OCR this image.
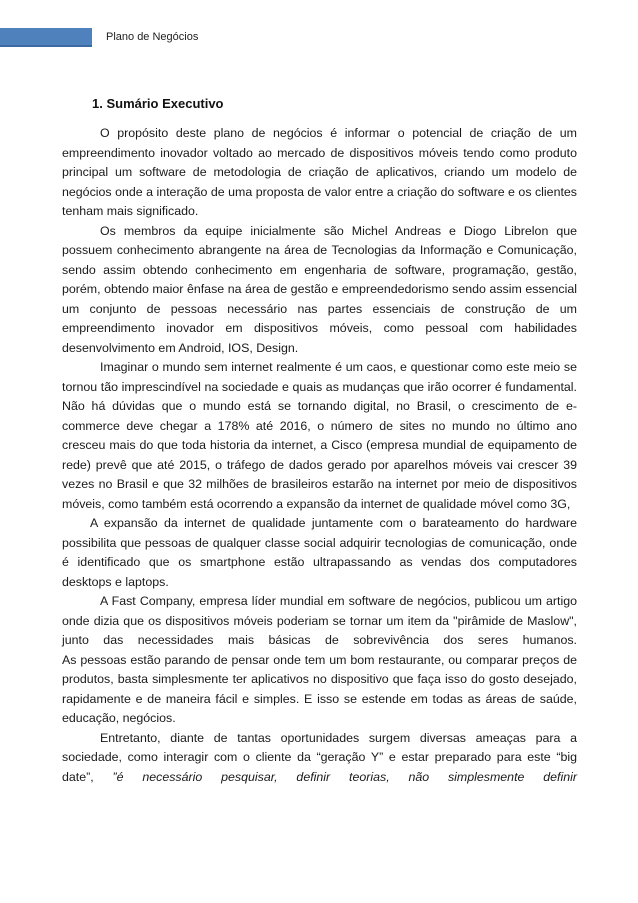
Plano de Negócios
1. Sumário Executivo

O propósito deste plano de negócios é informar o potencial de criação de um empreendimento inovador voltado ao mercado de dispositivos móveis tendo como produto principal um software de metodologia de criação de aplicativos, criando um modelo de negócios onde a interação de uma proposta de valor entre a criação do software e os clientes tenham mais significado.

Os membros da equipe inicialmente são Michel Andreas e Diogo Librelon que possuem conhecimento abrangente na área de Tecnologias da Informação e Comunicação, sendo assim obtendo conhecimento em engenharia de software, programação, gestão, porém, obtendo maior ênfase na área de gestão e empreendedorismo sendo assim essencial um conjunto de pessoas necessário nas partes essenciais de construção de um empreendimento inovador em dispositivos móveis, como pessoal com habilidades desenvolvimento em Android, IOS, Design.

Imaginar o mundo sem internet realmente é um caos, e questionar como este meio se tornou tão imprescindível na sociedade e quais as mudanças que irão ocorrer é fundamental.

Não há dúvidas que o mundo está se tornando digital, no Brasil, o crescimento de e-commerce deve chegar a 178% até 2016, o número de sites no mundo no último ano cresceu mais do que toda historia da internet, a Cisco (empresa mundial de equipamento de rede) prevê que até 2015, o tráfego de dados gerado por aparelhos móveis vai crescer 39 vezes no Brasil e que 32 milhões de brasileiros estarão na internet por meio de dispositivos móveis, como também está ocorrendo a expansão da internet de qualidade móvel como 3G,

A expansão da internet de qualidade juntamente com o barateamento do hardware possibilita que pessoas de qualquer classe social adquirir tecnologias de comunicação, onde é identificado que os smartphone estão ultrapassando as vendas dos computadores desktops e laptops.

A Fast Company, empresa líder mundial em software de negócios, publicou um artigo onde dizia que os dispositivos móveis poderiam se tornar um item da "pirâmide de Maslow", junto das necessidades mais básicas de sobrevivência dos seres humanos.

As pessoas estão parando de pensar onde tem um bom restaurante, ou comparar preços de produtos, basta simplesmente ter aplicativos no dispositivo que faça isso do gosto desejado, rapidamente e de maneira fácil e simples. E isso se estende em todas as áreas de saúde, educação, negócios.

Entretanto, diante de tantas oportunidades surgem diversas ameaças para a sociedade, como interagir com o cliente da “geração Y” e estar preparado para este “big date”, ”é necessário pesquisar, definir teorias, não simplesmente definir
